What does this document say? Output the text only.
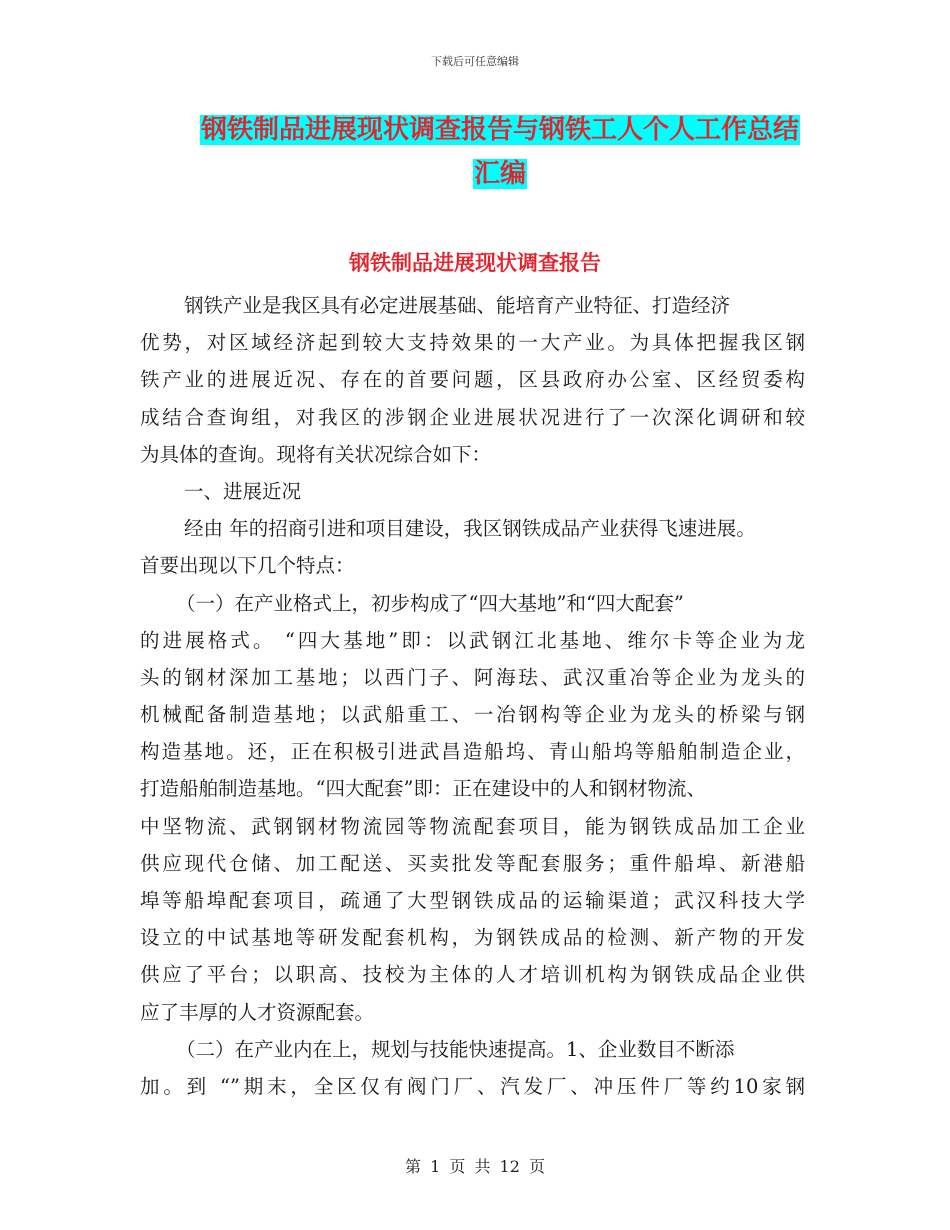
下载后可任意编辑
钢铁制品进展现状调查报告与钢铁工人个人工作总结
汇编
钢铁制品进展现状调查报告
钢铁产业是我区具有必定进展基础、能培育产业特征、打造经济
优势，对区域经济起到较大支持效果的一大产业。为具体把握我区钢
铁产业的进展近况、存在的首要问题，区县政府办公室、区经贸委构
成结合查询组，对我区的涉钢企业进展状况进行了一次深化调研和较
为具体的查询。现将有关状况综合如下：
一、进展近况
经由 年的招商引进和项目建设，我区钢铁成品产业获得飞速进展。
首要出现以下几个特点：
（一）在产业格式上，初步构成了“四大基地”和“四大配套”
的进展格式。 “四大基地”即：以武钢江北基地、维尔卡等企业为龙
头的钢材深加工基地；以西门子、阿海珐、武汉重冶等企业为龙头的
机械配备制造基地；以武船重工、一冶钢构等企业为龙头的桥梁与钢
构造基地。还，正在积极引进武昌造船坞、青山船坞等船舶制造企业，
打造船舶制造基地。“四大配套”即：正在建设中的人和钢材物流、
中坚物流、武钢钢材物流园等物流配套项目，能为钢铁成品加工企业
供应现代仓储、加工配送、买卖批发等配套服务；重件船埠、新港船
埠等船埠配套项目，疏通了大型钢铁成品的运输渠道；武汉科技大学
设立的中试基地等研发配套机构，为钢铁成品的检测、新产物的开发
供应了平台；以职高、技校为主体的人才培训机构为钢铁成品企业供
应了丰厚的人才资源配套。
（二）在产业内在上，规划与技能快速提高。1、企业数目不断添
加。到 “”期末，全区仅有阀门厂、汽发厂、冲压件厂等约10家钢
第 1 页 共 12 页
